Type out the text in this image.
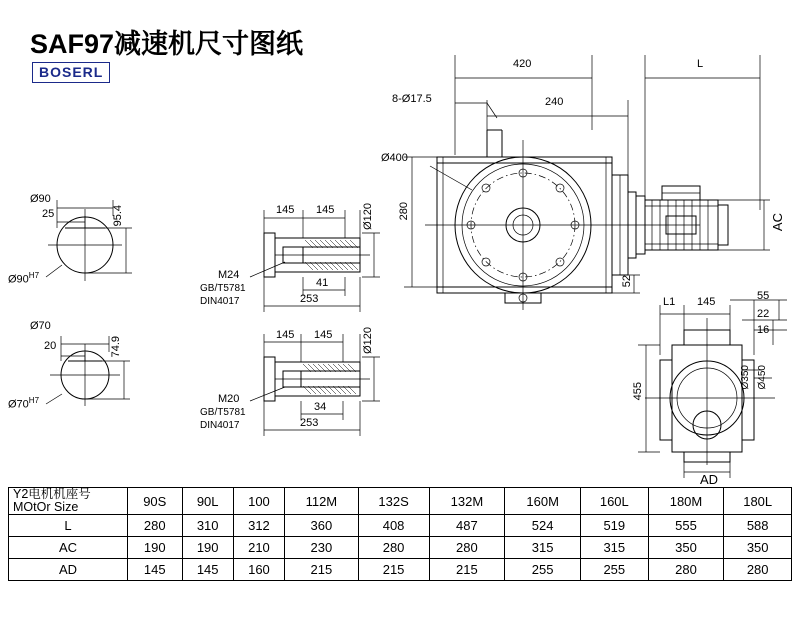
SAF97减速机尺寸图纸
BOSERL	420	L
8-Ø17.5	240
Ø400
280
52
AC
Ø90
25	95.4
$Ø90^{H7}$
Ø70
20	74.9
$Ø70^{H7}$
145 145	Ø120
M24
GB/T5781
DIN4017
41
253
145 145	Ø120
M20
GB/T5781
DIN4017
34
253
L1 145	55
22
16
455
Ø350 Ø450
AD
Y2电机机座号
MOtOr Size	90S	90L	100	112M	132S	132M	160M	160L	180M	180L
L	280	310	312	360	408	487	524	519	555	588
AC	190	190	210	230	280	280	315	315	350	350
AD	145	145	160	215	215	215	255	255	280	280
